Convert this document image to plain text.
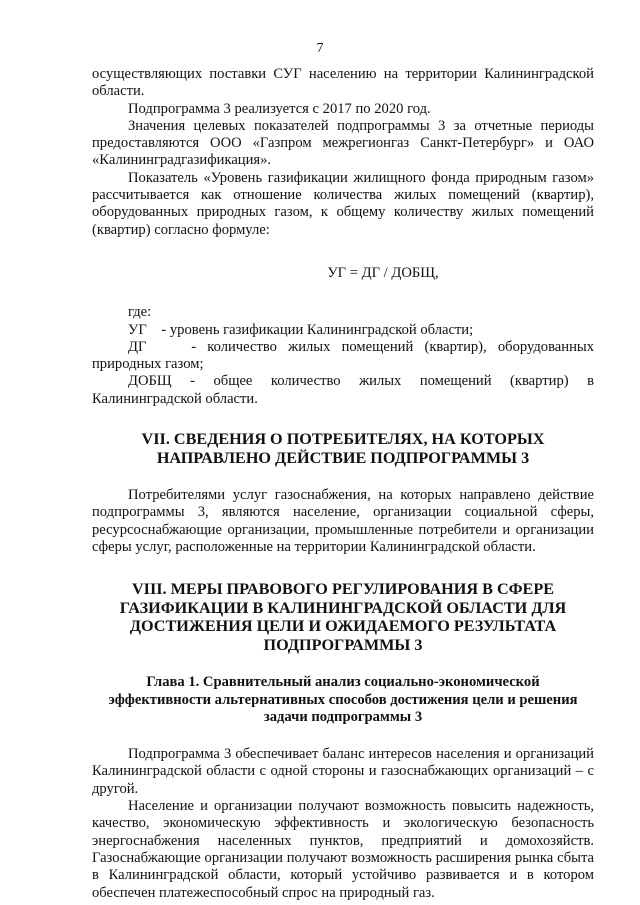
7

осуществляющих поставки СУГ населению на территории Калининградской области.

Подпрограмма 3 реализуется с 2017 по 2020 год.

Значения целевых показателей подпрограммы 3 за отчетные периоды предоставляются ООО «Газпром межрегионгаз Санкт-Петербург» и ОАО «Калининградгазификация».

Показатель «Уровень газификации жилищного фонда природным газом» рассчитывается как отношение количества жилых помещений (квартир), оборудованных природных газом, к общему количеству жилых помещений (квартир) согласно формуле:

УГ = ДГ / ДОБЩ,

где:

УГ - уровень газификации Калининградской области;

ДГ	- количество жилых помещений (квартир), оборудованных природных газом;

ДОБЩ - общее количество жилых помещений (квартир) в Калининградской области.

VII. СВЕДЕНИЯ О ПОТРЕБИТЕЛЯХ, НА КОТОРЫХ НАПРАВЛЕНО ДЕЙСТВИЕ ПОДПРОГРАММЫ 3

Потребителями услуг газоснабжения, на которых направлено действие подпрограммы 3, являются население, организации социальной сферы, ресурсоснабжающие организации, промышленные потребители и организации сферы услуг, расположенные на территории Калининградской области.

VIII. МЕРЫ ПРАВОВОГО РЕГУЛИРОВАНИЯ В СФЕРЕ ГАЗИФИКАЦИИ В КАЛИНИНГРАДСКОЙ ОБЛАСТИ ДЛЯ ДОСТИЖЕНИЯ ЦЕЛИ И ОЖИДАЕМОГО РЕЗУЛЬТАТА ПОДПРОГРАММЫ 3
Глава 1. Сравнительный анализ социально-экономической эффективности альтернативных способов достижения цели и решения задачи подпрограммы 3

Подпрограмма 3 обеспечивает баланс интересов населения и организаций Калининградской области с одной стороны и газоснабжающих организаций – с другой.

Население и организации получают возможность повысить надежность, качество, экономическую эффективность и экологическую безопасность энергоснабжения населенных пунктов, предприятий и домохозяйств. Газоснабжающие организации получают возможность расширения рынка сбыта в Калининградской области, который устойчиво развивается и в котором обеспечен платежеспособный спрос на природный газ.
